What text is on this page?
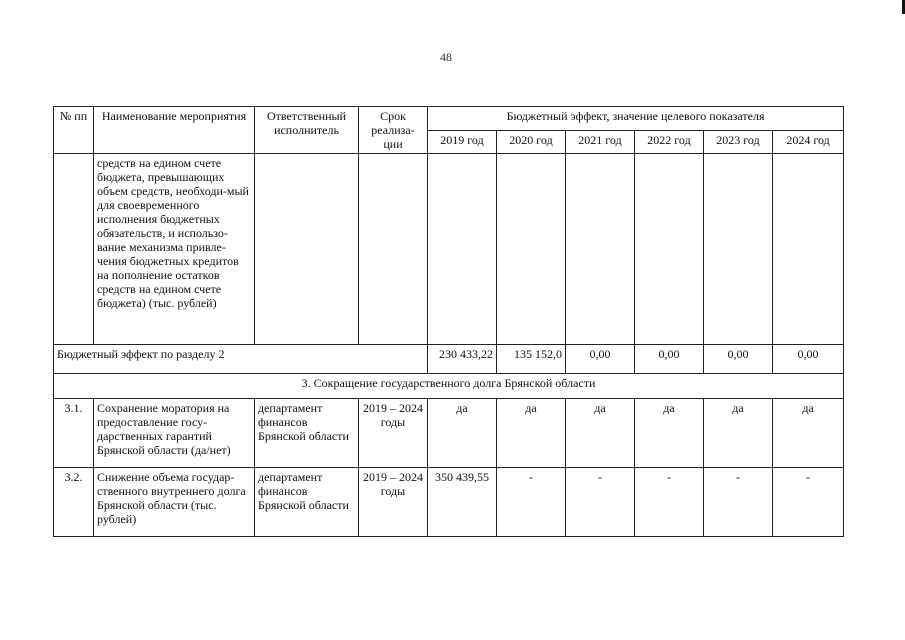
48
№ пп	Наименование мероприятия	Ответственный исполнитель	Срок реализа-ции	Бюджетный эффект, значение целевого показателя					
				2019 год	2020 год	2021 год	2022 год	2023 год	2024 год
	средств на едином счете бюджета, превышающих объем средств, необходи-мый для своевременного исполнения бюджетных обязательств, и использо-вание механизма привле-чения бюджетных кредитов на пополнение остатков средств на едином счете бюджета) (тыс. рублей)								
Бюджетный эффект по разделу 2				230 433,22	135 152,0	0,00	0,00	0,00	0,00
3. Сокращение государственного долга Брянской области									
3.1.	Сохранение моратория на предоставление госу-дарственных гарантий Брянской области (да/нет)	департамент финансов Брянской области	2019 – 2024 годы	да	да	да	да	да	да
3.2.	Снижение объема государ-ственного внутреннего долга Брянской области (тыс. рублей)	департамент финансов Брянской области	2019 – 2024 годы	350 439,55	-	-	-	-	-
